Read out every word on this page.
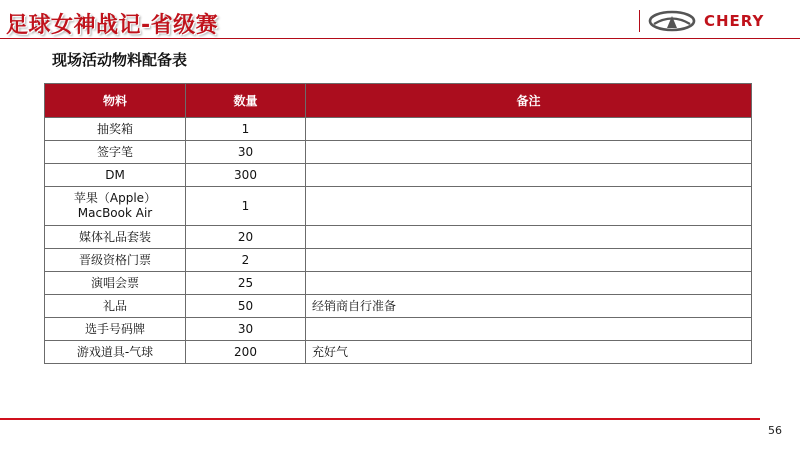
足球女神战记-省级赛	CHERY
现场活动物料配备表
物料	数量	备注
抽奖箱	1	
签字笔	30	
DM	300	

苹果（Apple）
MacBook Air	1	
媒体礼品套装	20	
晋级资格门票	2	
演唱会票	25	
礼品	50	经销商自行准备
选手号码牌	30	
游戏道具-气球	200	充好气
56
